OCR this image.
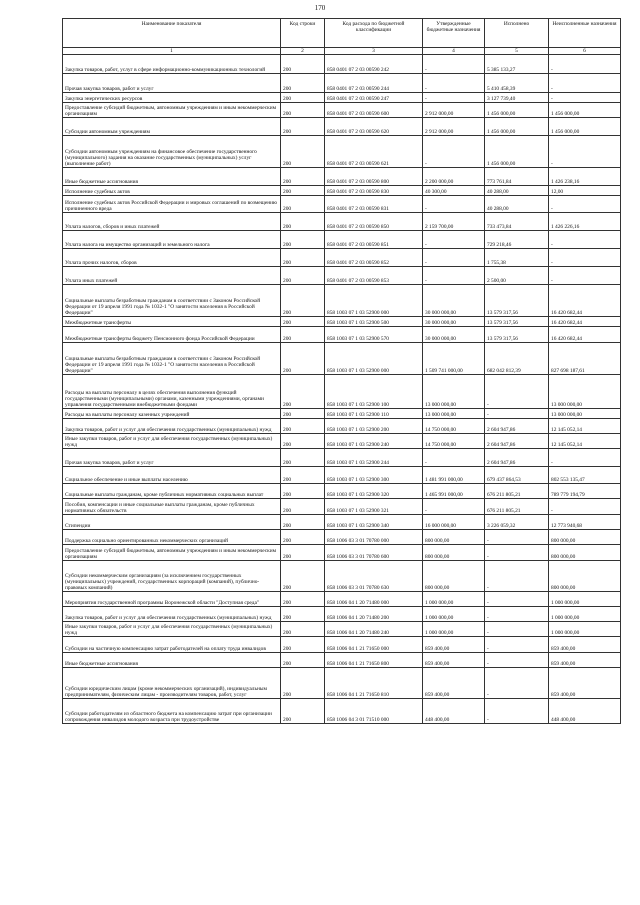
170
Наименование показателя	Код строки	Код расхода по бюджетной классификации	Утвержденные бюджетные назначения	Исполнено	Неисполненные назначения
1	2	3	4	5	6
Закупка товаров, работ, услуг в сфере информационно-коммуникационных технологий	200	858 0401 07 2 03 00590 242	-	5 385 133,27	-
Прочая закупка товаров, работ и услуг	200	858 0401 07 2 03 00590 244	-	5 410 458,39	-
Закупка энергетических ресурсов	200	858 0401 07 2 03 00590 247	-	3 127 739,40	-
Предоставление субсидий бюджетным, автономным учреждениям и иным некоммерческим организациям	200	858 0401 07 2 03 00590 600	2 912 000,00	1 456 000,00	1 456 000,00
Субсидии автономным учреждениям	200	858 0401 07 2 03 00590 620	2 912 000,00	1 456 000,00	1 456 000,00
Субсидии автономным учреждениям на финансовое обеспечение государственного (муниципального) задания на оказание государственных (муниципальных) услуг (выполнение работ)	200	858 0401 07 2 03 00590 621	-	1 456 000,00	-
Иные бюджетные ассигнования	200	858 0401 07 2 03 00590 800	2 200 000,00	773 761,84	1 426 238,16
Исполнение судебных актов	200	858 0401 07 2 03 00590 830	40 300,00	40 288,00	12,00
Исполнение судебных актов Российской Федерации и мировых соглашений по возмещению причиненного вреда	200	858 0401 07 2 03 00590 831	-	40 288,00	-
Уплата налогов, сборов и иных платежей	200	858 0401 07 2 03 00590 850	2 159 700,00	733 473,84	1 426 226,16
Уплата налога на имущество организаций и земельного налога	200	858 0401 07 2 03 00590 851	-	729 218,46	-
Уплата прочих налогов, сборов	200	858 0401 07 2 03 00590 852	-	1 755,38	-
Уплата иных платежей	200	858 0401 07 2 03 00590 853	-	2 500,00	-
Социальные выплаты безработным гражданам в соответствии с Законом Российской Федерации от 19 апреля 1991 года № 1032-1 "О занятости населения в Российской Федерации"	200	858 1003 07 1 03 52900 000	30 000 000,00	13 579 317,56	16 420 682,44
Межбюджетные трансферты	200	858 1003 07 1 03 52900 500	30 000 000,00	13 579 317,56	16 420 682,44
Межбюджетные трансферты бюджету Пенсионного фонда Российской Федерации	200	858 1003 07 1 03 52900 570	30 000 000,00	13 579 317,56	16 420 682,44
Социальные выплаты безработным гражданам в соответствии с Законом Российской Федерации от 19 апреля 1991 года № 1032-1 "О занятости населения в Российской Федерации"	200	858 1003 07 1 03 52900 000	1 509 741 000,00	682 042 812,39	827 698 187,61
Расходы на выплаты персоналу в целях обеспечения выполнения функций государственными (муниципальными) органами, казенными учреждениями, органами управления государственными внебюджетными фондами	200	858 1003 07 1 03 52900 100	13 000 000,00	-	13 000 000,00
Расходы на выплаты персоналу казенных учреждений	200	858 1003 07 1 03 52900 110	13 000 000,00	-	13 000 000,00
Закупка товаров, работ и услуг для обеспечения государственных (муниципальных) нужд	200	858 1003 07 1 03 52900 200	14 750 000,00	2 604 947,86	12 145 052,14
Иные закупки товаров, работ и услуг для обеспечения государственных (муниципальных) нужд	200	858 1003 07 1 03 52900 240	14 750 000,00	2 604 947,86	12 145 052,14
Прочая закупка товаров, работ и услуг	200	858 1003 07 1 03 52900 244	-	2 604 947,86	-
Социальное обеспечение и иные выплаты населению	200	858 1003 07 1 03 52900 300	1 481 991 000,00	679 437 864,53	802 553 135,47
Социальные выплаты гражданам, кроме публичных нормативных социальных выплат	200	858 1003 07 1 03 52900 320	1 465 991 000,00	676 211 805,21	789 779 194,79
Пособия, компенсации и иные социальные выплаты гражданам, кроме публичных нормативных обязательств	200	858 1003 07 1 03 52900 321	-	676 211 805,21	-
Стипендии	200	858 1003 07 1 03 52900 340	16 000 000,00	3 226 059,32	12 773 940,68
Поддержка социально ориентированных некоммерческих организаций	200	858 1006 03 3 01 70780 000	800 000,00	-	800 000,00
Предоставление субсидий бюджетным, автономным учреждениям и иным некоммерческим организациям	200	858 1006 03 3 01 70780 600	800 000,00	-	800 000,00
Субсидии некоммерческим организациям (за исключением государственных (муниципальных) учреждений, государственных корпораций (компаний), публично-правовых компаний)	200	858 1006 03 3 01 70780 630	800 000,00	-	800 000,00
Мероприятия государственной программы Воронежской области "Доступная среда"	200	858 1006 04 1 20 71480 000	1 000 000,00	-	1 000 000,00
Закупка товаров, работ и услуг для обеспечения государственных (муниципальных) нужд	200	858 1006 04 1 20 71480 200	1 000 000,00	-	1 000 000,00
Иные закупки товаров, работ и услуг для обеспечения государственных (муниципальных) нужд	200	858 1006 04 1 20 71480 240	1 000 000,00	-	1 000 000,00
Субсидии на частичную компенсацию затрат работодателей на оплату труда инвалидов	200	858 1006 04 1 21 71650 000	859 400,00	-	859 400,00
Иные бюджетные ассигнования	200	858 1006 04 1 21 71650 800	859 400,00	-	859 400,00
Субсидии юридическим лицам (кроме некоммерческих организаций), индивидуальным предпринимателям, физическим лицам - производителям товаров, работ, услуг	200	858 1006 04 1 21 71650 810	859 400,00	-	859 400,00
Субсидии работодателям из областного бюджета на компенсацию затрат при организации сопровождения инвалидов молодого возраста при трудоустройстве	200	858 1006 04 3 01 71510 000	448 400,00	-	448 400,00
